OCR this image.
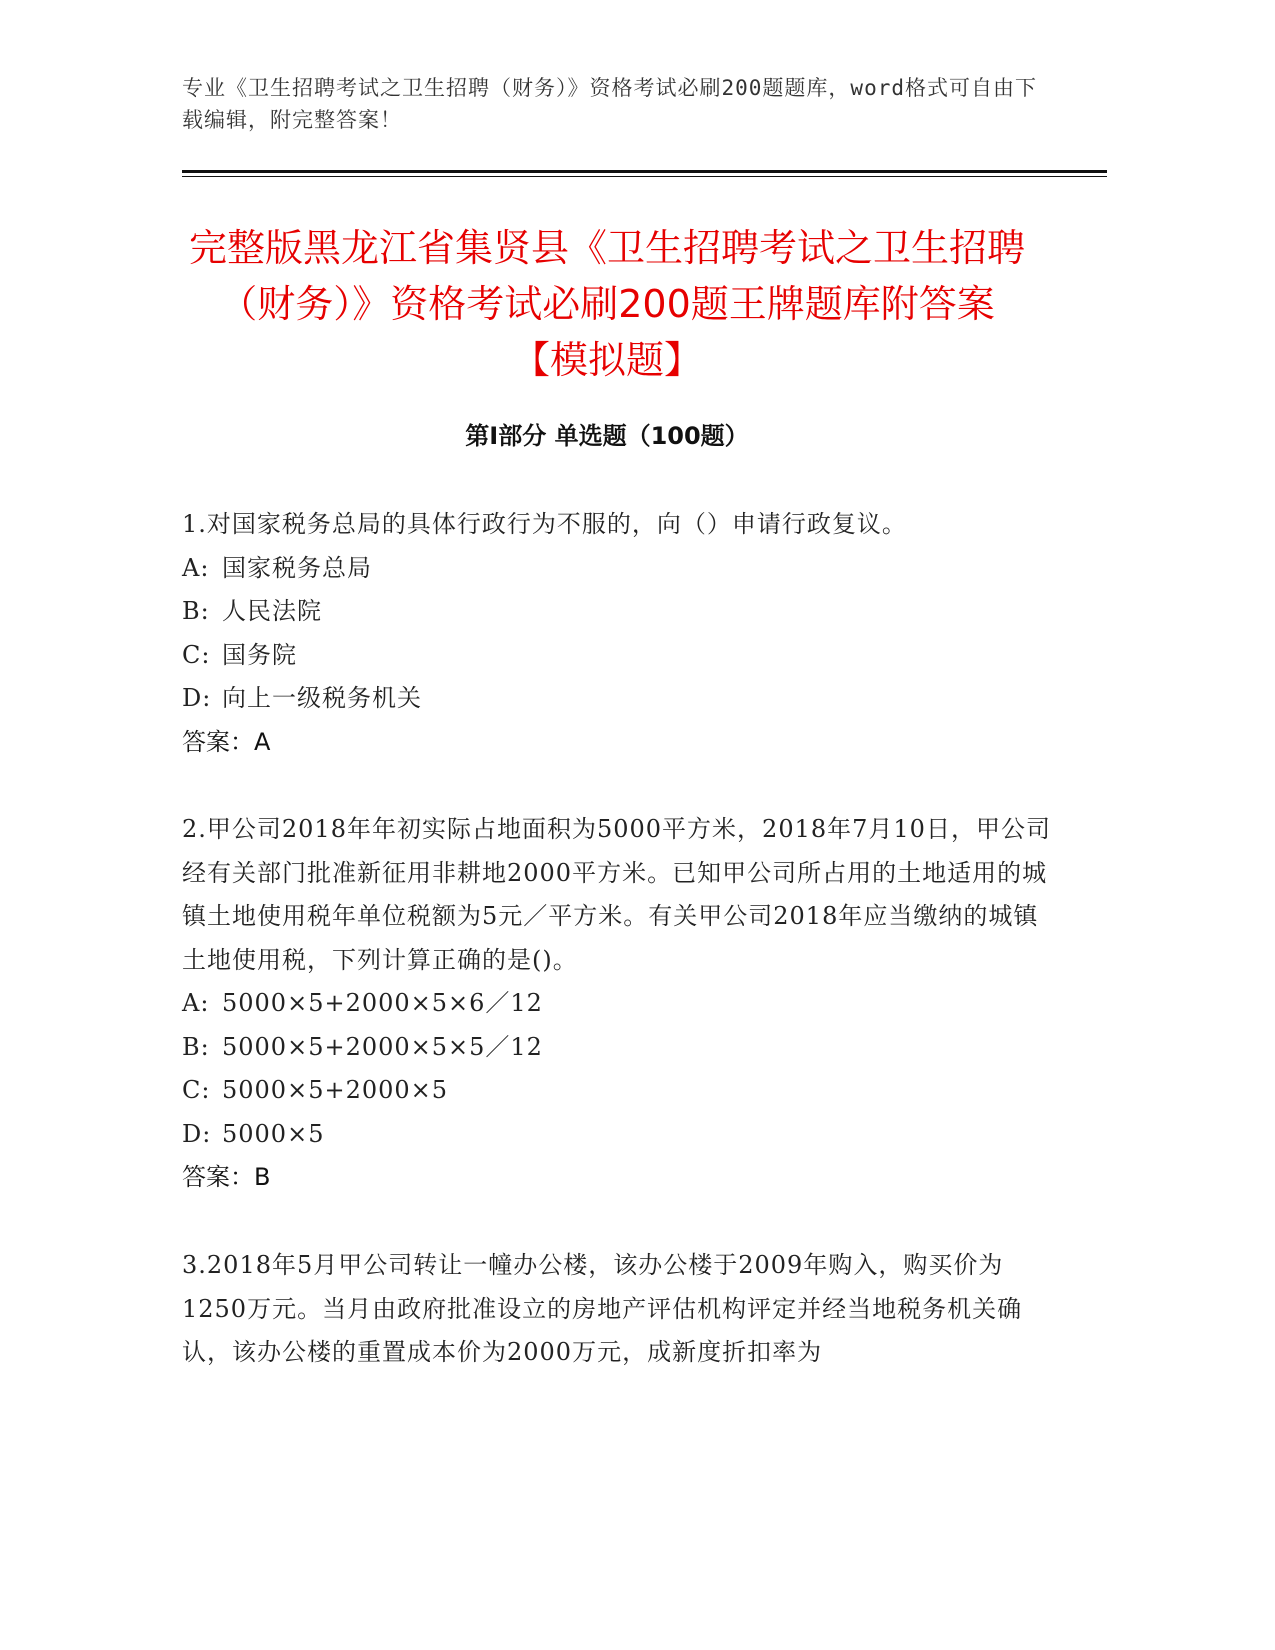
专业《卫生招聘考试之卫生招聘（财务）》资格考试必刷200题题库，word格式可自由下载编辑，附完整答案！
完整版黑龙江省集贤县《卫生招聘考试之卫生招聘（财务）》资格考试必刷200题王牌题库附答案【模拟题】
第Ⅰ部分 单选题（100题）
1.对国家税务总局的具体行政行为不服的，向（）申请行政复议。
A: 国家税务总局
B: 人民法院
C: 国务院
D: 向上一级税务机关
答案：A
2.甲公司2018年年初实际占地面积为5000平方米，2018年7月10日，甲公司经有关部门批准新征用非耕地2000平方米。已知甲公司所占用的土地适用的城镇土地使用税年单位税额为5元／平方米。有关甲公司2018年应当缴纳的城镇土地使用税，下列计算正确的是()。
A: 5000×5+2000×5×6／12
B: 5000×5+2000×5×5／12
C: 5000×5+2000×5
D: 5000×5
答案：B
3.2018年5月甲公司转让一幢办公楼，该办公楼于2009年购入，购买价为1250万元。当月由政府批准设立的房地产评估机构评定并经当地税务机关确认，该办公楼的重置成本价为2000万元，成新度折扣率为
